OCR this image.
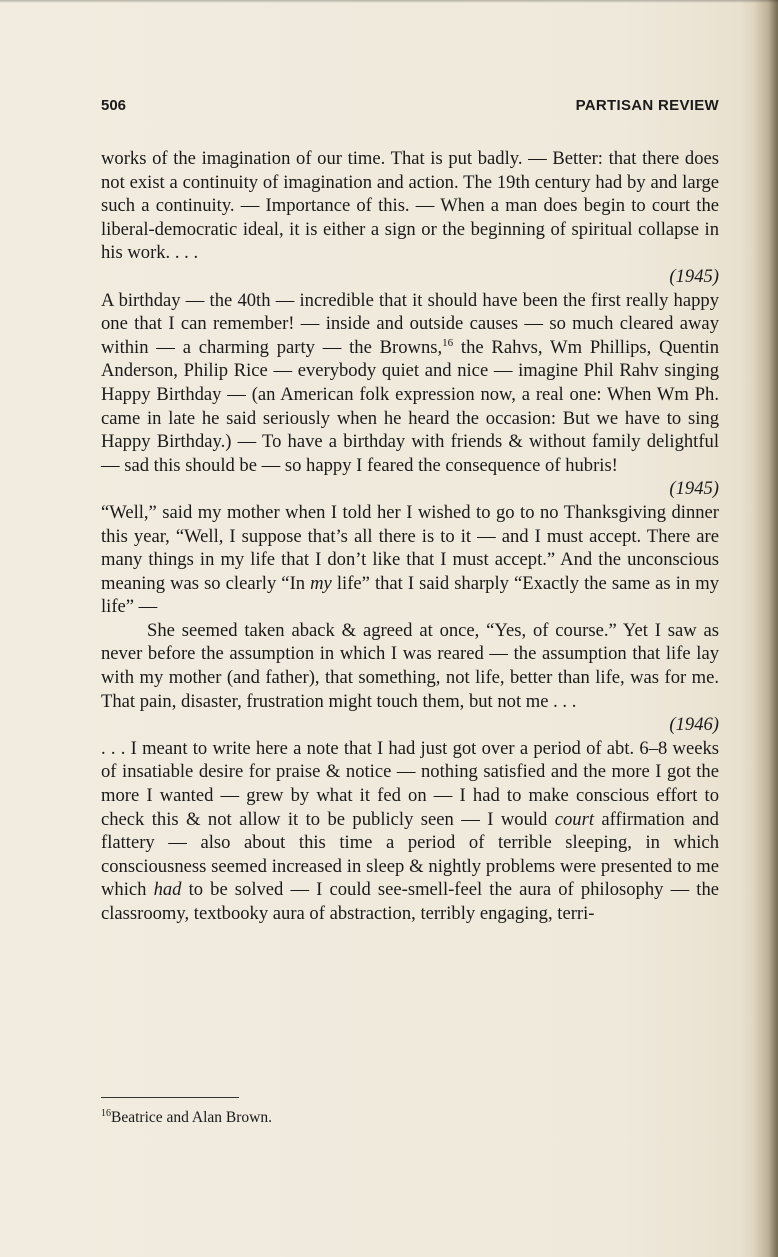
506	PARTISAN REVIEW

works of the imagination of our time. That is put badly. — Better: that there does not exist a continuity of imagination and action. The 19th century had by and large such a continuity. — Importance of this. — When a man does begin to court the liberal-democratic ideal, it is either a sign or the beginning of spiritual collapse in his work. . . .

(1945)

A birthday — the 40th — incredible that it should have been the first really happy one that I can remember! — inside and outside causes — so much cleared away within — a charming party — the Browns,$^{16}$ the Rahvs, Wm Phillips, Quentin Anderson, Philip Rice — everybody quiet and nice — imagine Phil Rahv singing Happy Birthday — (an American folk expression now, a real one: When Wm Ph. came in late he said seriously when he heard the occasion: But we have to sing Happy Birthday.) — To have a birthday with friends & without family delightful — sad this should be — so happy I feared the consequence of hubris!

(1945)

“Well,” said my mother when I told her I wished to go to no Thanksgiving dinner this year, “Well, I suppose that’s all there is to it — and I must accept. There are many things in my life that I don’t like that I must accept.” And the unconscious meaning was so clearly “In my life” that I said sharply “Exactly the same as in my life” —

She seemed taken aback & agreed at once, “Yes, of course.” Yet I saw as never before the assumption in which I was reared — the assumption that life lay with my mother (and father), that something, not life, better than life, was for me. That pain, disaster, frustration might touch them, but not me . . .

(1946)

. . . I meant to write here a note that I had just got over a period of abt. 6–8 weeks of insatiable desire for praise & notice — nothing satisfied and the more I got the more I wanted — grew by what it fed on — I had to make conscious effort to check this & not allow it to be publicly seen — I would court affirmation and flattery — also about this time a period of terrible sleeping, in which consciousness seemed increased in sleep & nightly problems were presented to me which had to be solved — I could see-smell-feel the aura of philosophy — the classroomy, textbooky aura of abstraction, terribly engaging, terri-

$^{16}$Beatrice and Alan Brown.
